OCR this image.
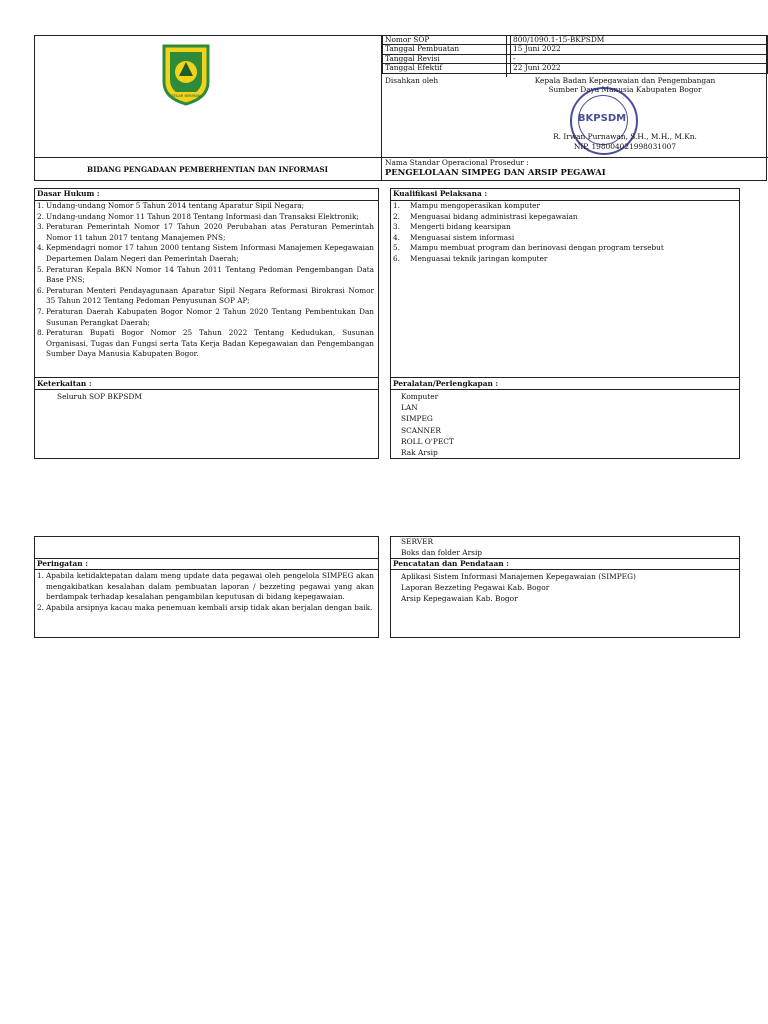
TEGAR BERIMAN
BIDANG PENGADAAN PEMBERHENTIAN DAN INFORMASI
Nomor SOP	800/1090.1-15-BKPSDM
Tanggal Pembuatan	15 Juni 2022
Tanggal Revisi	-
Tanggal Efektif	22 Juni 2022
Disahkan oleh	Kepala Badan Kepegawaian dan Pengembangan
Sumber Daya Manusia Kabupaten Bogor
BKPSDM
R. Irwan Purnawan, S.H., M.H., M.Kn.
NIP. 198004021998031007
Nama Standar Operacional Prosedur :
PENGELOLAAN SIMPEG DAN ARSIP PEGAWAI
Dasar Hukum :
1. Undang-undang Nomor 5 Tahun 2014 tentang Aparatur Sipil Negara;
2. Undang-undang Nomor 11 Tahun 2018 Tentang Informasi dan Transaksi Elektronik;
3. Peraturan Pemerintah Nomor 17 Tahun 2020 Perubahan atas Peraturan Pemerintah Nomor 11 tahun 2017 tentang Manajemen PNS;
4. Kepmendagri nomor 17 tahun 2000 tentang Sistem Informasi Manajemen Kepegawaian Departemen Dalam Negeri dan Pemerintah Daerah;
5. Peraturan Kepala BKN Nomor 14 Tahun 2011 Tentang Pedoman Pengembangan Data Base PNS;
6. Peraturan Menteri Pendayagunaan Aparatur Sipil Negara Reformasi Birokrasi Nomor 35 Tahun 2012 Tentang Pedoman Penyusunan SOP AP;
7. Peraturan Daerah Kabupaten Bogor Nomor 2 Tahun 2020 Tentang Pembentukan Dan Susunan Perangkat Daerah;
8. Peraturan Bupati Bogor Nomor 25 Tahun 2022 Tentang Kedudukan, Susunan Organisasi, Tugas dan Fungsi serta Tata Kerja Badan Kepegawaian dan Pengembangan Sumber Daya Manusia Kabupaten Bogor.
Keterkaitan :
Seluruh SOP BKPSDM
Kualifikasi Pelaksana :
1. Mampu mengoperasikan komputer
2. Menguasai bidang administrasi kepegawaian
3. Mengerti bidang kearsipan
4. Menguasai sistem informasi
5. Mampu membuat program dan berinovasi dengan program tersebut
6. Menguasai teknik jaringan komputer
Peralatan/Perlengkapan :
Komputer
LAN
SIMPEG
SCANNER
ROLL O'PECT
Rak Arsip
Peringatan :
1. Apabila ketidaktepatan dalam meng update data pegawai oleh pengelola SIMPEG akan mengakibatkan kesalahan dalam pembuatan laporan / bezzeting pegawai yang akan berdampak terhadap kesalahan pengambilan keputusan di bidang kepegawaian.
2. Apabila arsipnya kacau maka penemuan kembali arsip tidak akan berjalan dengan baik.
SERVER
Boks dan folder Arsip
Pencatatan dan Pendataan :
Aplikasi Sistem Informasi Manajemen Kepegawaian (SIMPEG)
Laporan Bezzeting Pegawai Kab. Bogor
Arsip Kepegawaian Kab. Bogor
